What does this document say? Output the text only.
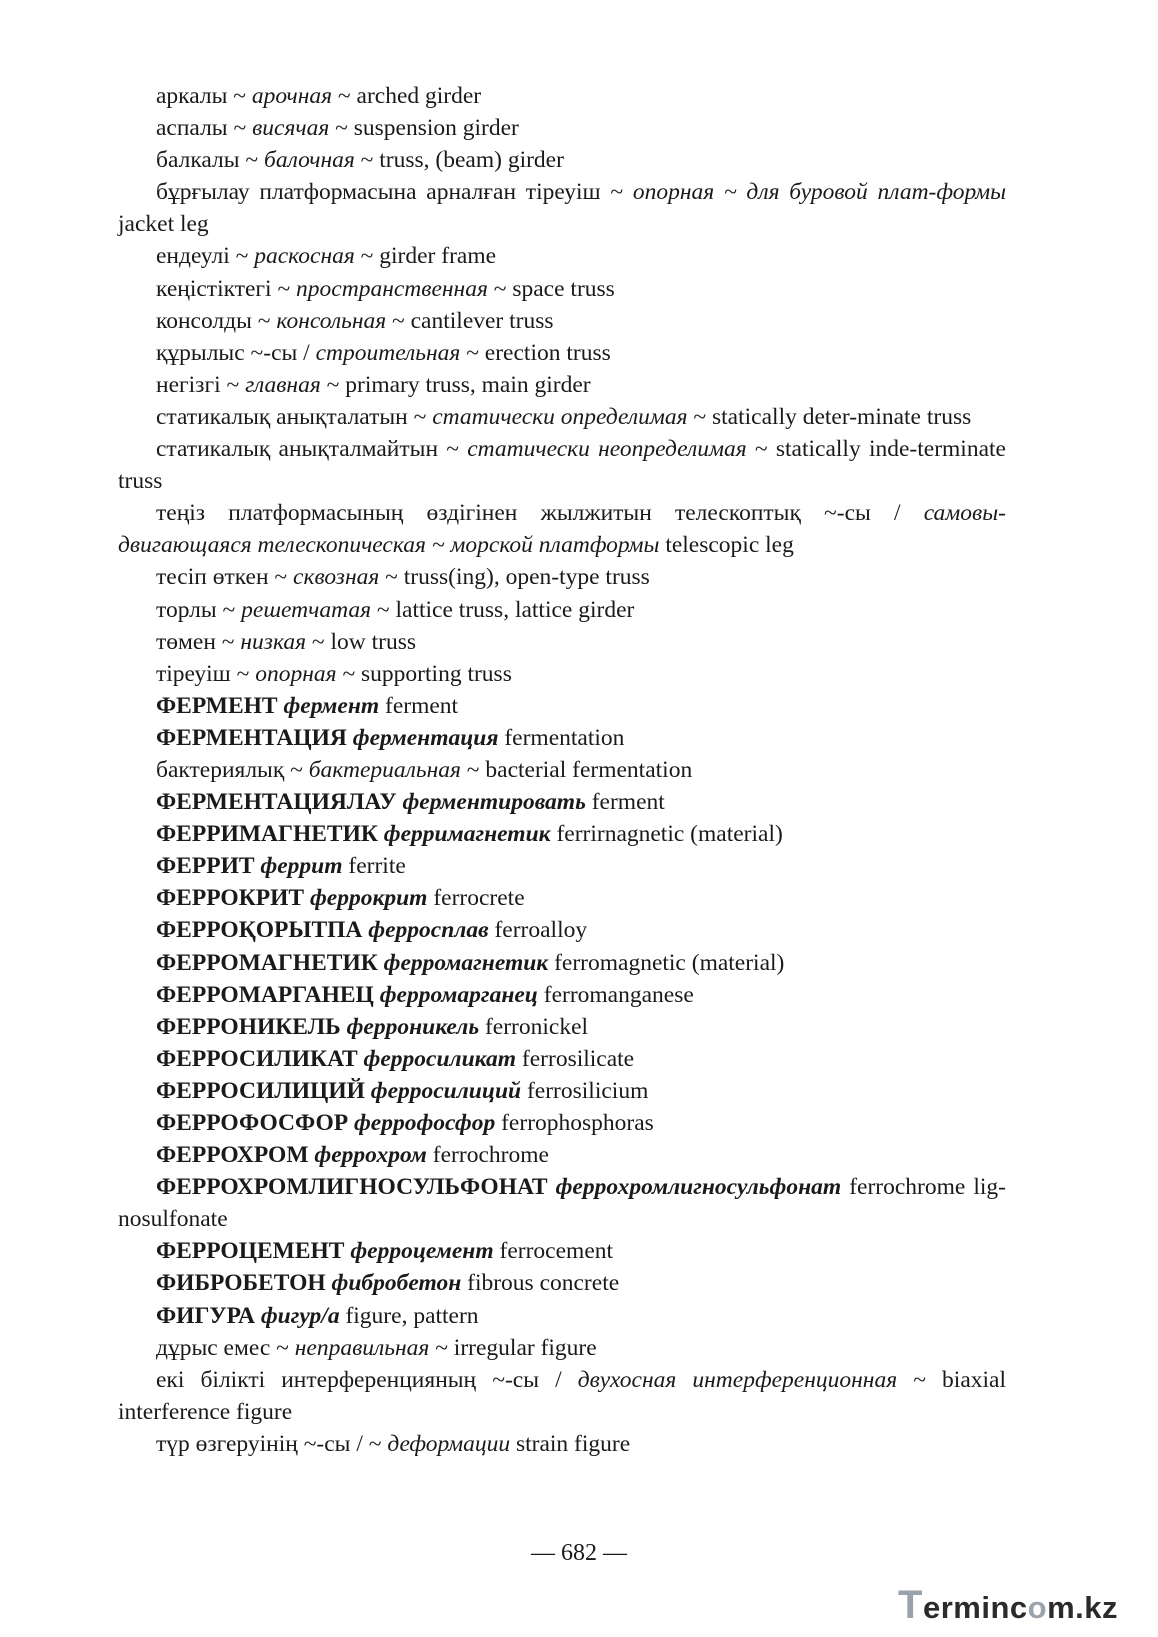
аркалы ~ арочная ~ arched girder

аспалы ~ висячая ~ suspension girder

балкалы ~ балочная ~ truss, (beam) girder

бұрғылау платформасына арналған тіреуіш ~ опорная ~ для буровой плат-формы jacket leg

ендеулі ~ раскосная ~ girder frame

кеңістіктегі ~ пространственная ~ space truss

консолды ~ консольная ~ cantilever truss

құрылыс ~-сы / строительная ~ erection truss

негізгі ~ главная ~ primary truss, main girder

статикалық анықталатын ~ статически определимая ~ statically deter-minate truss

статикалық анықталмайтын ~ статически неопределимая ~ statically inde-terminate truss

теңіз платформасының өздігінен жылжитын телескоптық ~-сы / самовы-двигающаяся телескопическая ~ морской платформы telescopic leg

тесіп өткен ~ сквозная ~ truss(ing), open-type truss

торлы ~ решетчатая ~ lattice truss, lattice girder

төмен ~ низкая ~ low truss

тіреуіш ~ опорная ~ supporting truss

ФЕРМЕНТ фермент ferment

ФЕРМЕНТАЦИЯ ферментация fermentation

бактериялық ~ бактериальная ~ bacterial fermentation

ФЕРМЕНТАЦИЯЛАУ ферментировать ferment

ФЕРРИМАГНЕТИК ферримагнетик ferrirnagnetic (material)

ФЕРРИТ феррит ferrite

ФЕРРОКРИТ феррокрит ferrocrete

ФЕРРОҚОРЫТПА ферросплав ferroalloy

ФЕРРОМАГНЕТИК ферромагнетик ferromagnetic (material)

ФЕРРОМАРГАНЕЦ ферромарганец ferromanganese

ФЕРРОНИКЕЛЬ ферроникель ferronickel

ФЕРРОСИЛИКАТ ферросиликат ferrosilicate

ФЕРРОСИЛИЦИЙ ферросилиций ferrosilicium

ФЕРРОФОСФОР феррофосфор ferrophosphoras

ФЕРРОХРОМ феррохром ferrochrome

ФЕРРОХРОМЛИГНОСУЛЬФОНАТ феррохромлигносульфонат ferrochrome lig-nosulfonate

ФЕРРОЦЕМЕНТ ферроцемент ferrocement

ФИБРОБЕТОН фибробетон fibrous concrete

ФИГУРА фигур/а figure, pattern

дұрыс емес ~ неправильная ~ irregular figure

екі білікті интерференцияның ~-сы / двухосная интерференционная ~ biaxial interference figure

түр өзгеруінің ~-сы / ~ деформации strain figure

— 682 —
Termincom.kz
